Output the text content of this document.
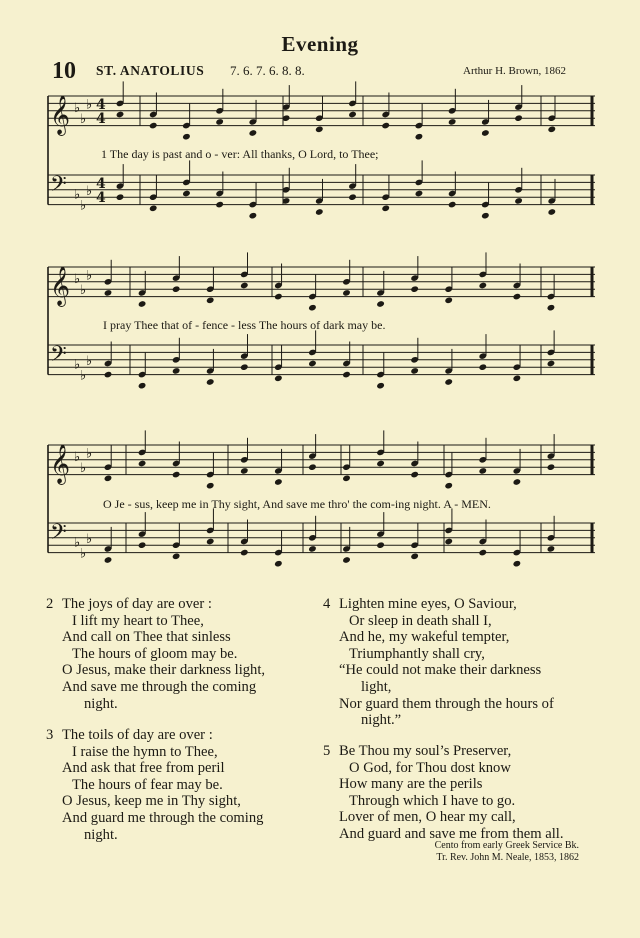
Evening
10 ST. ANATOLIUS 7. 6. 7. 6. 8. 8.	Arthur H. Brown, 1862
𝄞 ♭
♭
♭ 4
4
𝄢 ♭
♭
♭ 4
4
𝄞 ♭
♭
♭
𝄢 ♭
♭
♭
𝄞 ♭
♭
♭
𝄢 ♭
♭
♭
1 The day is past and o - ver: All thanks, O Lord, to Thee;
I pray Thee that of - fence - less The hours of dark may be.
O Je - sus, keep me in Thy sight, And save me thro' the com-ing night. A - MEN.
2 The joys of day are over :
I lift my heart to Thee,
And call on Thee that sinless
The hours of gloom may be.
O Jesus, make their darkness light,
And save me through the coming
night.
3 The toils of day are over :
I raise the hymn to Thee,
And ask that free from peril
The hours of fear may be.
O Jesus, keep me in Thy sight,
And guard me through the coming
night.
4 Lighten mine eyes, O Saviour,
Or sleep in death shall I,
And he, my wakeful tempter,
Triumphantly shall cry,
“He could not make their darkness
light,
Nor guard them through the hours of
night.”
5 Be Thou my soul’s Preserver,
O God, for Thou dost know
How many are the perils
Through which I have to go.
Lover of men, O hear my call,
And guard and save me from them all.
Cento from early Greek Service Bk.
Tr. Rev. John M. Neale, 1853, 1862
